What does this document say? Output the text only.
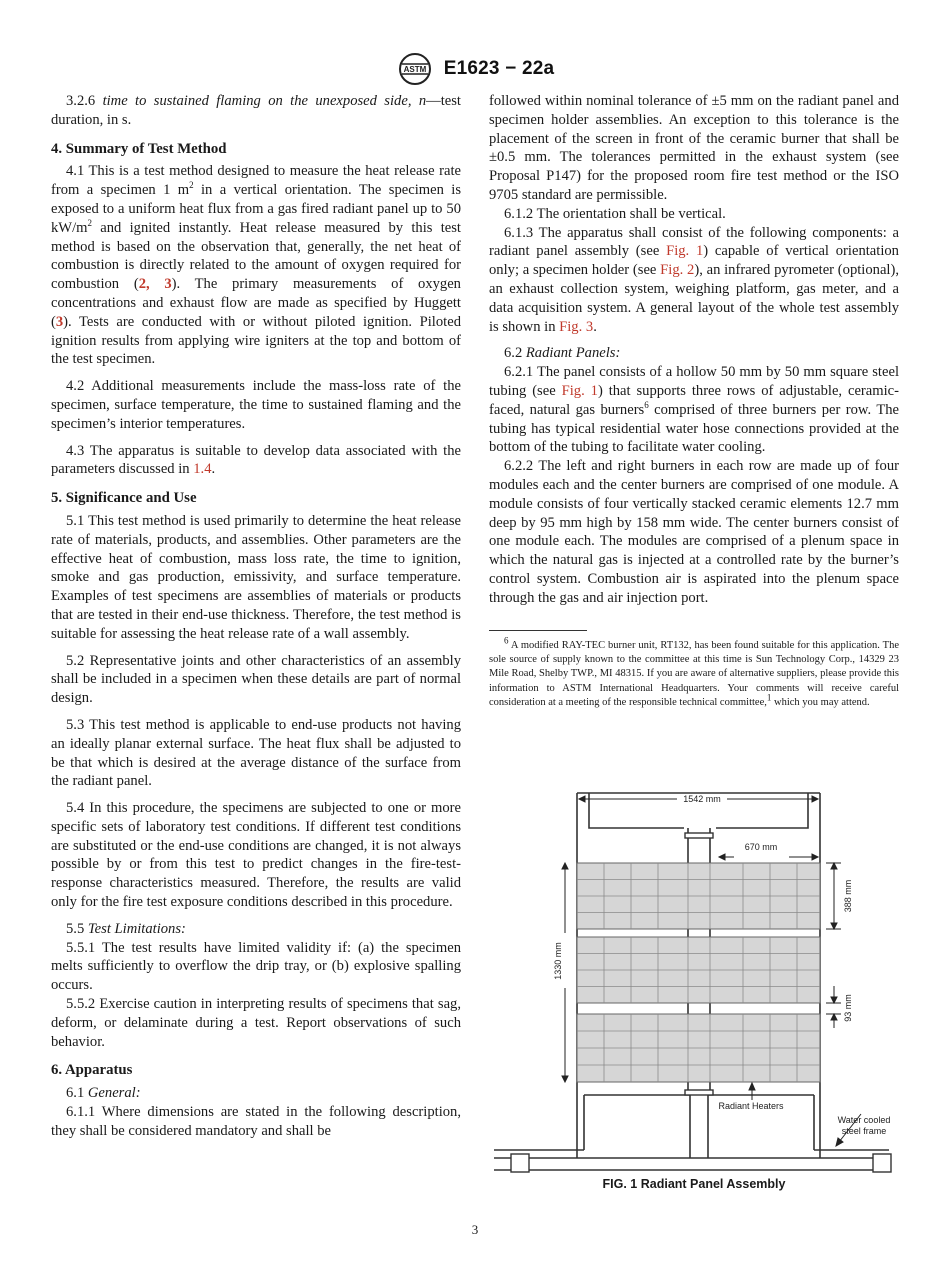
ASTM E1623 − 22a

3.2.6 time to sustained flaming on the unexposed side, n—test duration, in s.

4. Summary of Test Method

4.1 This is a test method designed to measure the heat release rate from a specimen 1 $m^2$ in a vertical orientation. The specimen is exposed to a uniform heat flux from a gas fired radiant panel up to 50 $kW/m^2$ and ignited instantly. Heat release measured by this test method is based on the observation that, generally, the net heat of combustion is directly related to the amount of oxygen required for combustion (2, 3). The primary measurements of oxygen concentrations and exhaust flow are made as specified by Huggett (3). Tests are conducted with or without piloted ignition. Piloted ignition results from applying wire igniters at the top and bottom of the test specimen.

4.2 Additional measurements include the mass-loss rate of the specimen, surface temperature, the time to sustained flaming and the specimen’s interior temperatures.

4.3 The apparatus is suitable to develop data associated with the parameters discussed in 1.4.

5. Significance and Use

5.1 This test method is used primarily to determine the heat release rate of materials, products, and assemblies. Other parameters are the effective heat of combustion, mass loss rate, the time to ignition, smoke and gas production, emissivity, and surface temperature. Examples of test specimens are assemblies of materials or products that are tested in their end-use thickness. Therefore, the test method is suitable for assessing the heat release rate of a wall assembly.

5.2 Representative joints and other characteristics of an assembly shall be included in a specimen when these details are part of normal design.

5.3 This test method is applicable to end-use products not having an ideally planar external surface. The heat flux shall be adjusted to be that which is desired at the average distance of the surface from the radiant panel.

5.4 In this procedure, the specimens are subjected to one or more specific sets of laboratory test conditions. If different test conditions are substituted or the end-use conditions are changed, it is not always possible by or from this test to predict changes in the fire-test-response characteristics measured. Therefore, the results are valid only for the fire test exposure conditions described in this procedure.

5.5 Test Limitations:

5.5.1 The test results have limited validity if: (a) the specimen melts sufficiently to overflow the drip tray, or (b) explosive spalling occurs.

5.5.2 Exercise caution in interpreting results of specimens that sag, deform, or delaminate during a test. Report observations of such behavior.

6. Apparatus

6.1 General:

6.1.1 Where dimensions are stated in the following description, they shall be considered mandatory and shall be

followed within nominal tolerance of ±5 mm on the radiant panel and specimen holder assemblies. An exception to this tolerance is the placement of the screen in front of the ceramic burner that shall be ±0.5 mm. The tolerances permitted in the exhaust system (see Proposal P147) for the proposed room fire test method or the ISO 9705 standard are permissible.

6.1.2 The orientation shall be vertical.

6.1.3 The apparatus shall consist of the following components: a radiant panel assembly (see Fig. 1) capable of vertical orientation only; a specimen holder (see Fig. 2), an infrared pyrometer (optional), an exhaust collection system, weighing platform, gas meter, and a data acquisition system. A general layout of the whole test assembly is shown in Fig. 3.

6.2 Radiant Panels:

6.2.1 The panel consists of a hollow 50 mm by 50 mm square steel tubing (see Fig. 1) that supports three rows of adjustable, ceramic-faced, natural gas burners$^6$ comprised of three burners per row. The tubing has typical residential water hose connections provided at the bottom of the tubing to facilitate water cooling.

6.2.2 The left and right burners in each row are made up of four modules each and the center burners are comprised of one module. A module consists of four vertically stacked ceramic elements 12.7 mm deep by 95 mm high by 158 mm wide. The center burners consist of one module each. The modules are comprised of a plenum space in which the natural gas is injected at a controlled rate by the burner’s control system. Combustion air is aspirated into the plenum space through the gas and air injection port.

$^6$ A modified RAY-TEC burner unit, RT132, has been found suitable for this application. The sole source of supply known to the committee at this time is Sun Technology Corp., 14329 23 Mile Road, Shelby TWP., MI 48315. If you are aware of alternative suppliers, please provide this information to ASTM International Headquarters. Your comments will receive careful consideration at a meeting of the responsible technical committee,$^1$ which you may attend.

1542 mm
670 mm
388 mm
1330 mm
93 mm
Radiant Heaters
Water cooled
steel frame
FIG. 1 Radiant Panel Assembly
3
